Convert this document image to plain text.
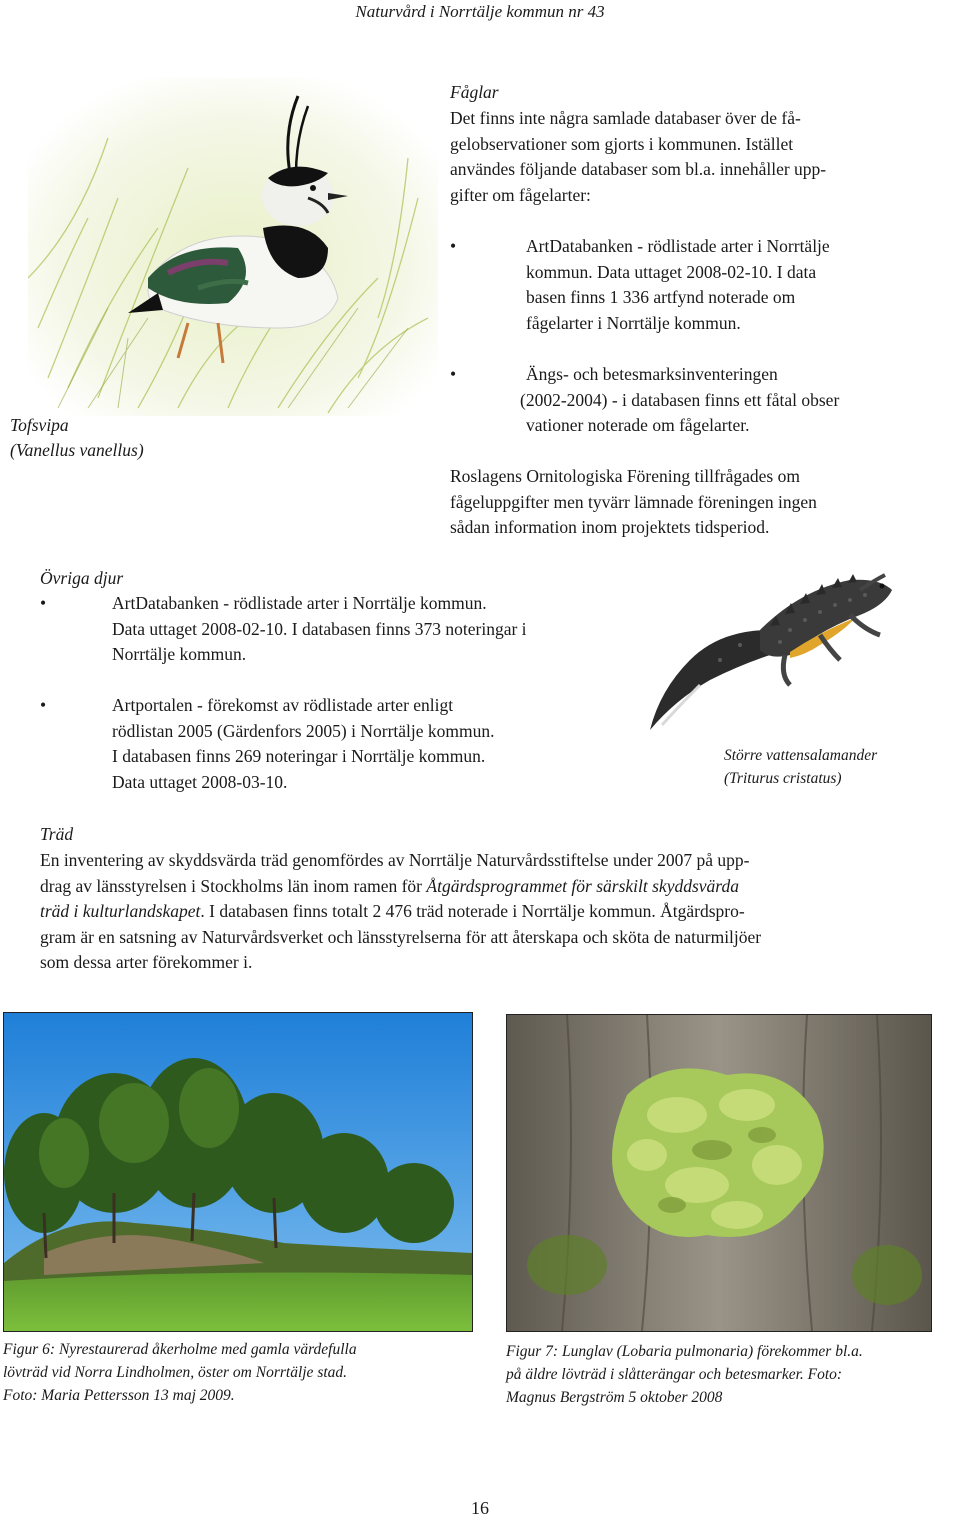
Naturvård i Norrtälje kommun nr 43
Tofsvipa
(Vanellus vanellus)
Fåglar
Det finns inte några samlade databaser över de få-
gelobservationer som gjorts i kommunen. Istället
användes följande databaser som bl.a. innehåller upp-
gifter om fågelarter:
•	ArtDatabanken - rödlistade arter i Norrtälje
kommun. Data uttaget 2008-02-10. I data
basen finns 1 336 artfynd noterade om
fågelarter i Norrtälje kommun.
•	Ängs- och betesmarksinventeringen
(2002-2004) - i databasen finns ett fåtal obser
vationer noterade om fågelarter.
Roslagens Ornitologiska Förening tillfrågades om
fågeluppgifter men tyvärr lämnade föreningen ingen
sådan information inom projektets tidsperiod.
Övriga djur
•	ArtDatabanken - rödlistade arter i Norrtälje kommun.
Data uttaget 2008-02-10. I databasen finns 373 noteringar i
Norrtälje kommun.
•	Artportalen - förekomst av rödlistade arter enligt
rödlistan 2005 (Gärdenfors 2005) i Norrtälje kommun.
I databasen finns 269 noteringar i Norrtälje kommun.
Data uttaget 2008-03-10.
Större vattensalamander
(Triturus cristatus)
Träd
En inventering av skyddsvärda träd genomfördes av Norrtälje Naturvårdsstiftelse under 2007 på upp-
drag av länsstyrelsen i Stockholms län inom ramen för Åtgärdsprogrammet för särskilt skyddsvärda
träd i kulturlandskapet. I databasen finns totalt 2 476 träd noterade i Norrtälje kommun. Åtgärdspro-
gram är en satsning av Naturvårdsverket och länsstyrelserna för att återskapa och sköta de naturmiljöer
som dessa arter förekommer i.
Figur 6: Nyrestaurerad åkerholme med gamla värdefulla
lövträd vid Norra Lindholmen, öster om Norrtälje stad.
Foto: Maria Pettersson 13 maj 2009.
Figur 7: Lunglav (Lobaria pulmonaria) förekommer bl.a.
på äldre lövträd i slåtterängar och betesmarker. Foto:
Magnus Bergström 5 oktober 2008
16
